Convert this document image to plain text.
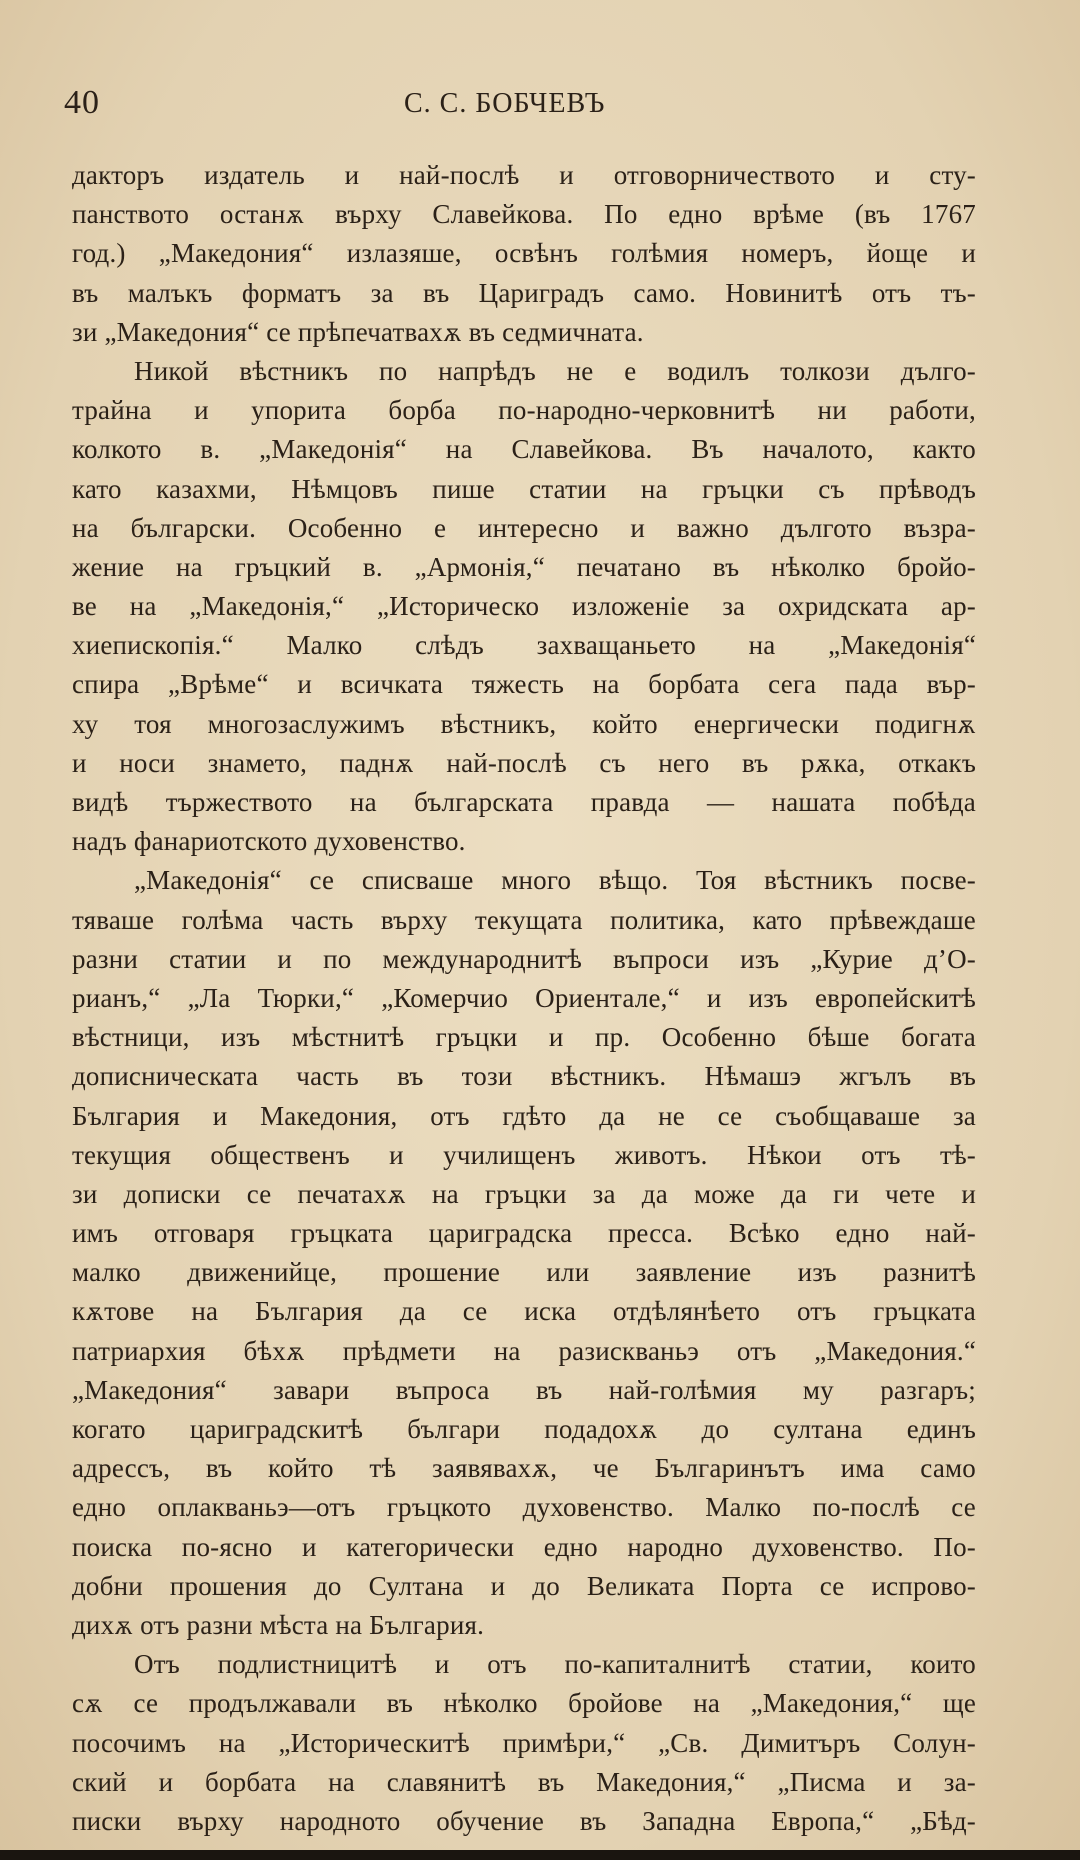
40	С. С. БОБЧЕВЪ
дакторъ издатель и най-послѣ и отговорничеството и сту-
панството останѫ върху Славейкова. По едно врѣме (въ 1767
год.) „Македония“ излазяше, освѣнъ голѣмия номеръ, йоще и
въ малъкъ форматъ за въ Цариградъ само. Новинитѣ отъ тъ-
зи „Македония“ се прѣпечатвахѫ въ седмичната.
Никой вѣстникъ по напрѣдъ не е водилъ толкози дълго-
трайна и упорита борба по-народно-черковнитѣ ни работи,
колкото в. „Македонія“ на Славейкова. Въ началото, както
като казахми, Нѣмцовъ пише статии на гръцки съ прѣводъ
на български. Особенно е интересно и важно дългото възра-
жение на гръцкий в. „Армонія,“ печатано въ нѣколко бройо-
ве на „Македонія,“ „Историческо изложеніе за охридската ар-
хиепископія.“ Малко слѣдъ захващаньето на „Македонія“
спира „Врѣме“ и всичката тяжесть на борбата сега пада вър-
ху тоя многозаслужимъ вѣстникъ, който енергически подигнѫ
и носи знамето, паднѫ най-послѣ съ него въ рѫка, откакъ
видѣ тържеството на българската правда — нашата побѣда
надъ фанариотското духовенство.
„Македонія“ се списваше много вѣщо. Тоя вѣстникъ посве-
тяваше голѣма часть върху текущата политика, като прѣвеждаше
разни статии и по международнитѣ въпроси изъ „Курие д’О-
рианъ,“ „Ла Тюрки,“ „Комерчио Ориентале,“ и изъ европейскитѣ
вѣстници, изъ мѣстнитѣ гръцки и пр. Особенно бѣше богата
дописническата часть въ този вѣстникъ. Нѣмашэ жгълъ въ
България и Македония, отъ гдѣто да не се съобщаваше за
текущия общественъ и училищенъ животъ. Нѣкои отъ тѣ-
зи дописки се печатахѫ на гръцки за да може да ги чете и
имъ отговаря гръцката цариградска пресса. Всѣко едно най-
малко движенийце, прошение или заявление изъ разнитѣ
кѫтове на България да се иска отдѣлянѣето отъ гръцката
патриархия бѣхѫ прѣдмети на разискваньэ отъ „Македония.“
„Македония“ завари въпроса въ най-голѣмия му разгаръ;
когато цариградскитѣ българи подадохѫ до султана единъ
адрессъ, въ който тѣ заявявахѫ, че Българинътъ има само
едно оплакваньэ—отъ гръцкото духовенство. Малко по-послѣ се
поиска по-ясно и категорически едно народно духовенство. По-
добни прошения до Султана и до Великата Порта се испрово-
дихѫ отъ разни мѣста на България.
Отъ подлистницитѣ и отъ по-капиталнитѣ статии, които
сѫ се продължавали въ нѣколко бройове на „Македония,“ ще
посочимъ на „Историческитѣ примѣри,“ „Св. Димитъръ Солун-
ский и борбата на славянитѣ въ Македония,“ „Писма и за-
писки върху народното обучение въ Западна Европа,“ „Бѣд-
